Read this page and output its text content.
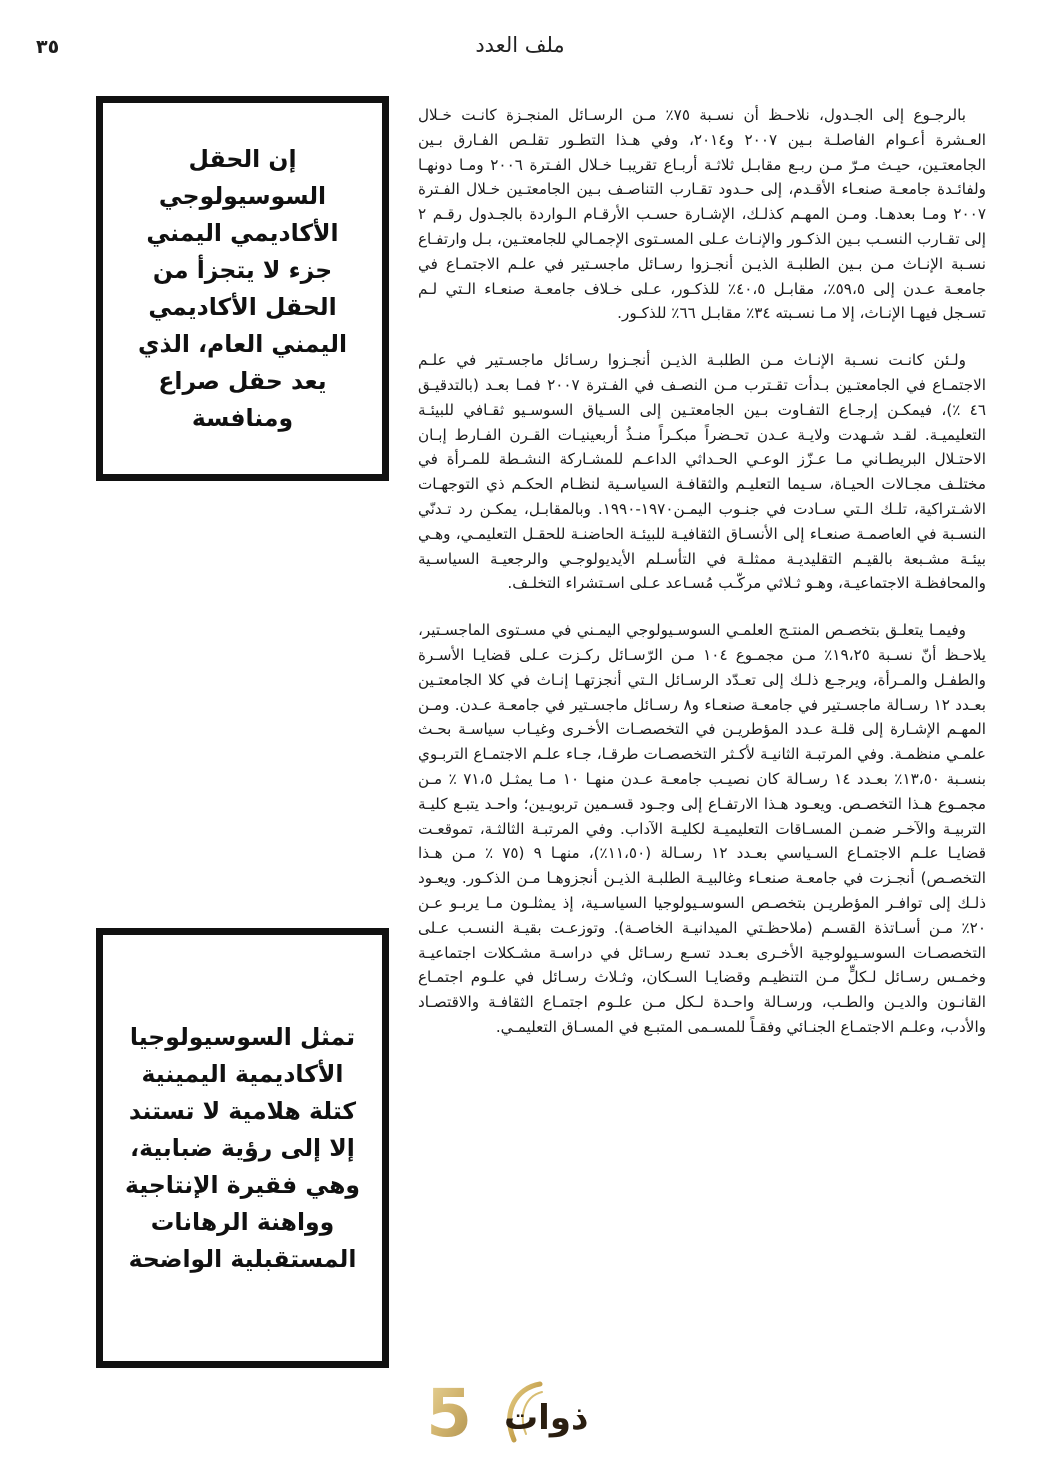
٣٥	ملف العدد

بالرجـوع إلى الجـدول، نلاحـظ أن نسـبة ٧٥٪ مـن الرسـائل المنجـزة كانـت خـلال العـشرة أعـوام الفاصلـة بـين ٢٠٠٧ و٢٠١٤، وفي هـذا التطـور تقلـص الفـارق بـين الجامعتـين، حيـث مـرّ مـن ربـع مقابـل ثلاثـة أربـاع تقريبـا خـلال الفـترة ٢٠٠٦ ومـا دونهـا ولفائـدة جامعـة صنعـاء الأقـدم، إلى حـدود تقـارب التناصـف بـين الجامعتـين خـلال الفـترة ٢٠٠٧ ومـا بعدهـا. ومـن المهـم كذلـك، الإشـارة حسـب الأرقـام الـواردة بالجـدول رقـم ٢ إلى تقـارب النسـب بـين الذكـور والإنـاث عـلى المسـتوى الإجمـالي للجامعتـين، بـل وارتفـاع نسـبة الإنـاث مـن بـين الطلبـة الذيـن أنجـزوا رسـائل ماجسـتير في علـم الاجتمـاع في جامعـة عـدن إلى ٥٩،٥٪، مقابـل ٤٠،٥٪ للذكـور، عـلى خـلاف جامعـة صنعـاء الـتي لـم تسـجل فيهـا الإنـاث، إلا مـا نسـبته ٣٤٪ مقابـل ٦٦٪ للذكـور.

ولـئن كانـت نسـبة الإنـاث مـن الطلبـة الذيـن أنجـزوا رسـائل ماجسـتير في علـم الاجتمـاع في الجامعتـين بـدأت تقـترب مـن النصـف في الفـترة ٢٠٠٧ فمـا بعـد (بالتدقيـق ٤٦ ٪)، فيمكـن إرجـاع التفـاوت بـين الجامعتـين إلى السـياق السوسـيو ثقـافي للبيئـة التعليميـة. لقـد شـهدت ولايـة عـدن تحـضراً مبكـراً منـذُ أربعينيـات القـرن الفـارط إبـان الاحتـلال البريطـاني مـا عـزّز الوعـي الحـداثي الداعـم للمشـاركة النشـطة للمـرأة في مختلـف مجـالات الحيـاة، سـيما التعليـم والثقافـة السياسـية لنظـام الحكـم ذي التوجهـات الاشـتراكية، تلـك الـتي سـادت في جنـوب اليمـن١٩٧٠-١٩٩٠. وبالمقابـل، يمكـن رد تـدنّي النسـبة في العاصمـة صنعـاء إلى الأنسـاق الثقافيـة للبيئـة الحاضنـة للحقـل التعليمـي، وهـي بيئـة مشـبعة بالقيـم التقليديـة ممثلـة في التأسـلم الأيديولوجـي والرجعيـة السياسـية والمحافظـة الاجتماعيـة، وهـو ثـلاثي مركّـب مُسـاعد عـلى اسـتشراء التخلـف.

وفيمـا يتعلـق بتخصـص المنتـج العلمـي السوسـيولوجي اليمـني في مسـتوى الماجسـتير، يلاحـظ أنّ نسـبة ١٩،٢٥٪ مـن مجمـوع ١٠٤ مـن الرّسـائل ركـزت عـلى قضايـا الأسـرة والطفـل والمـرأة، ويرجـع ذلـك إلى تعـدّد الرسـائل الـتي أنجزتهـا إنـاث في كلا الجامعتـين بعـدد ١٢ رسـالة ماجسـتير في جامعـة صنعـاء و٨ رسـائل ماجسـتير في جامعـة عـدن. ومـن المهـم الإشـارة إلى قلـة عـدد المؤطريـن في التخصصـات الأخـرى وغيـاب سياسـة بحـث علمـي منظمـة. وفي المرتبـة الثانيـة لأكـثر التخصصـات طرقـا، جـاء علـم الاجتمـاع التربـوي بنسـبة ١٣،٥٠٪ بعـدد ١٤ رسـالة كان نصيـب جامعـة عـدن منهـا ١٠ مـا يمثـل ٧١،٥ ٪ مـن مجمـوع هـذا التخصـص. ويعـود هـذا الارتفـاع إلى وجـود قسـمين تربويـين؛ واحـد يتبـع كليـة التربيـة والآخـر ضمـن المسـاقات التعليميـة لكليـة الآداب. وفي المرتبـة الثالثـة، تموقعـت قضايـا علـم الاجتمـاع السـياسي بعـدد ١٢ رسـالة (١١،٥٠٪)، منهـا ٩ (٧٥ ٪ مـن هـذا التخصـص) أنجـزت في جامعـة صنعـاء وغالبيـة الطلبـة الذيـن أنجزوهـا مـن الذكـور. ويعـود ذلـك إلى توافـر المؤطريـن بتخصـص السوسـيولوجيا السياسـية، إذ يمثلـون مـا يربـو عـن ٢٠٪ مـن أسـاتذة القسـم (ملاحظـتي الميدانيـة الخاصـة). وتوزعـت بقيـة النسـب عـلى التخصصـات السوسـيولوجية الأخـرى بعـدد تسـع رسـائل في دراسـة مشـكلات اجتماعيـة وخمـس رسـائل لـكلٍّ مـن التنظيـم وقضايـا السـكان، وثـلاث رسـائل في علـوم اجتمـاع القانـون والديـن والطـب، ورسـالة واحـدة لـكل مـن علـوم اجتمـاع الثقافـة والاقتصـاد والأدب، وعلـم الاجتمـاع الجنـائي وفقـاً للمسـمى المتبـع في المسـاق التعليمـي.

إن الحقل السوسيولوجي الأكاديمي اليمني جزء لا يتجزأ من الحقل الأكاديمي اليمني العام، الذي يعد حقل صراع ومنافسة
تمثل السوسيولوجيا الأكاديمية اليمينية كتلة هلامية لا تستند إلا إلى رؤية ضبابية، وهي فقيرة الإنتاجية وواهنة الرهانات المستقبلية الواضحة
5 ذوات
